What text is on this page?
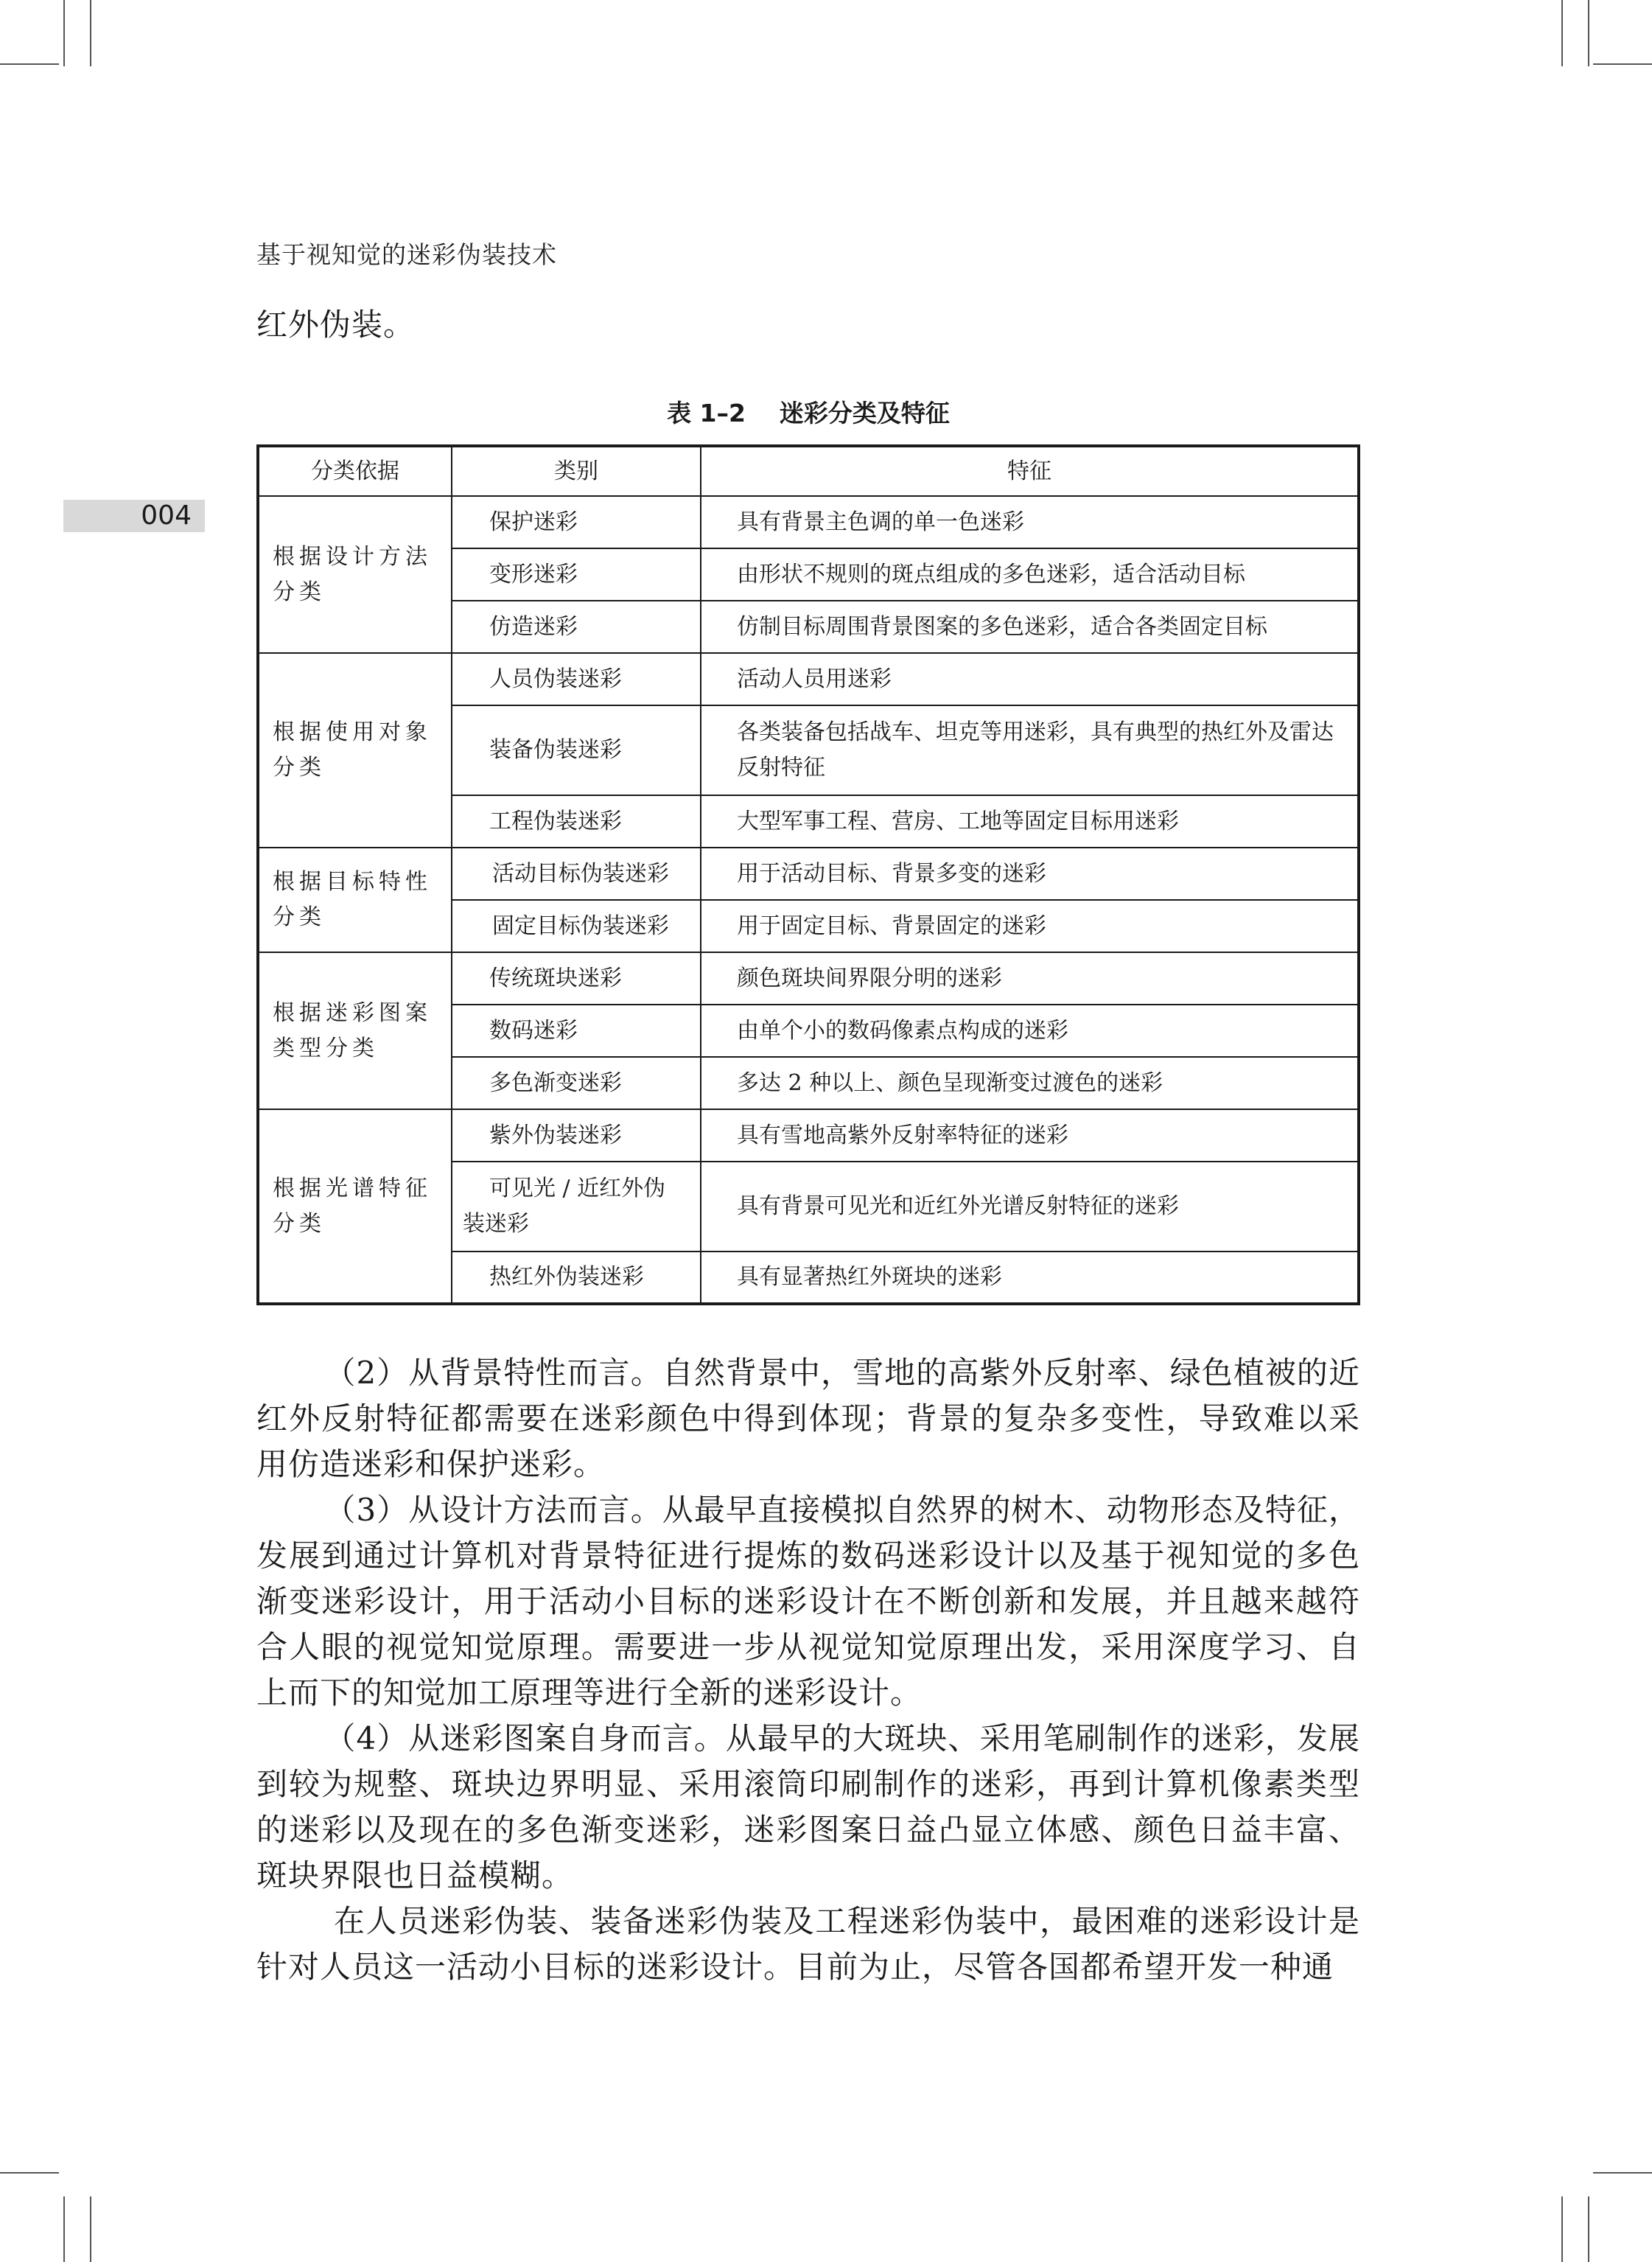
基于视知觉的迷彩伪装技术
004
红外伪装。
表 1–2    迷彩分类及特征
分类依据	类别	特征
根据设计方法分类	保护迷彩	具有背景主色调的单一色迷彩
	变形迷彩	由形状不规则的斑点组成的多色迷彩，适合活动目标
	仿造迷彩	仿制目标周围背景图案的多色迷彩，适合各类固定目标
根据使用对象分类	人员伪装迷彩	活动人员用迷彩
	装备伪装迷彩	各类装备包括战车、坦克等用迷彩，具有典型的热红外及雷达反射特征
	工程伪装迷彩	大型军事工程、营房、工地等固定目标用迷彩
根据目标特性分类	活动目标伪装迷彩	用于活动目标、背景多变的迷彩
	固定目标伪装迷彩	用于固定目标、背景固定的迷彩
根据迷彩图案类型分类	传统斑块迷彩	颜色斑块间界限分明的迷彩
	数码迷彩	由单个小的数码像素点构成的迷彩
	多色渐变迷彩	多达 2 种以上、颜色呈现渐变过渡色的迷彩
根据光谱特征分类	紫外伪装迷彩	具有雪地高紫外反射率特征的迷彩
	可见光 / 近红外伪装迷彩	具有背景可见光和近红外光谱反射特征的迷彩
	热红外伪装迷彩	具有显著热红外斑块的迷彩

（2）从背景特性而言。自然背景中，雪地的高紫外反射率、绿色植被的近红外反射特征都需要在迷彩颜色中得到体现；背景的复杂多变性，导致难以采用仿造迷彩和保护迷彩。

（3）从设计方法而言。从最早直接模拟自然界的树木、动物形态及特征，发展到通过计算机对背景特征进行提炼的数码迷彩设计以及基于视知觉的多色渐变迷彩设计，用于活动小目标的迷彩设计在不断创新和发展，并且越来越符合人眼的视觉知觉原理。需要进一步从视觉知觉原理出发，采用深度学习、自上而下的知觉加工原理等进行全新的迷彩设计。

（4）从迷彩图案自身而言。从最早的大斑块、采用笔刷制作的迷彩，发展到较为规整、斑块边界明显、采用滚筒印刷制作的迷彩，再到计算机像素类型的迷彩以及现在的多色渐变迷彩，迷彩图案日益凸显立体感、颜色日益丰富、斑块界限也日益模糊。

在人员迷彩伪装、装备迷彩伪装及工程迷彩伪装中，最困难的迷彩设计是针对人员这一活动小目标的迷彩设计。目前为止，尽管各国都希望开发一种通
